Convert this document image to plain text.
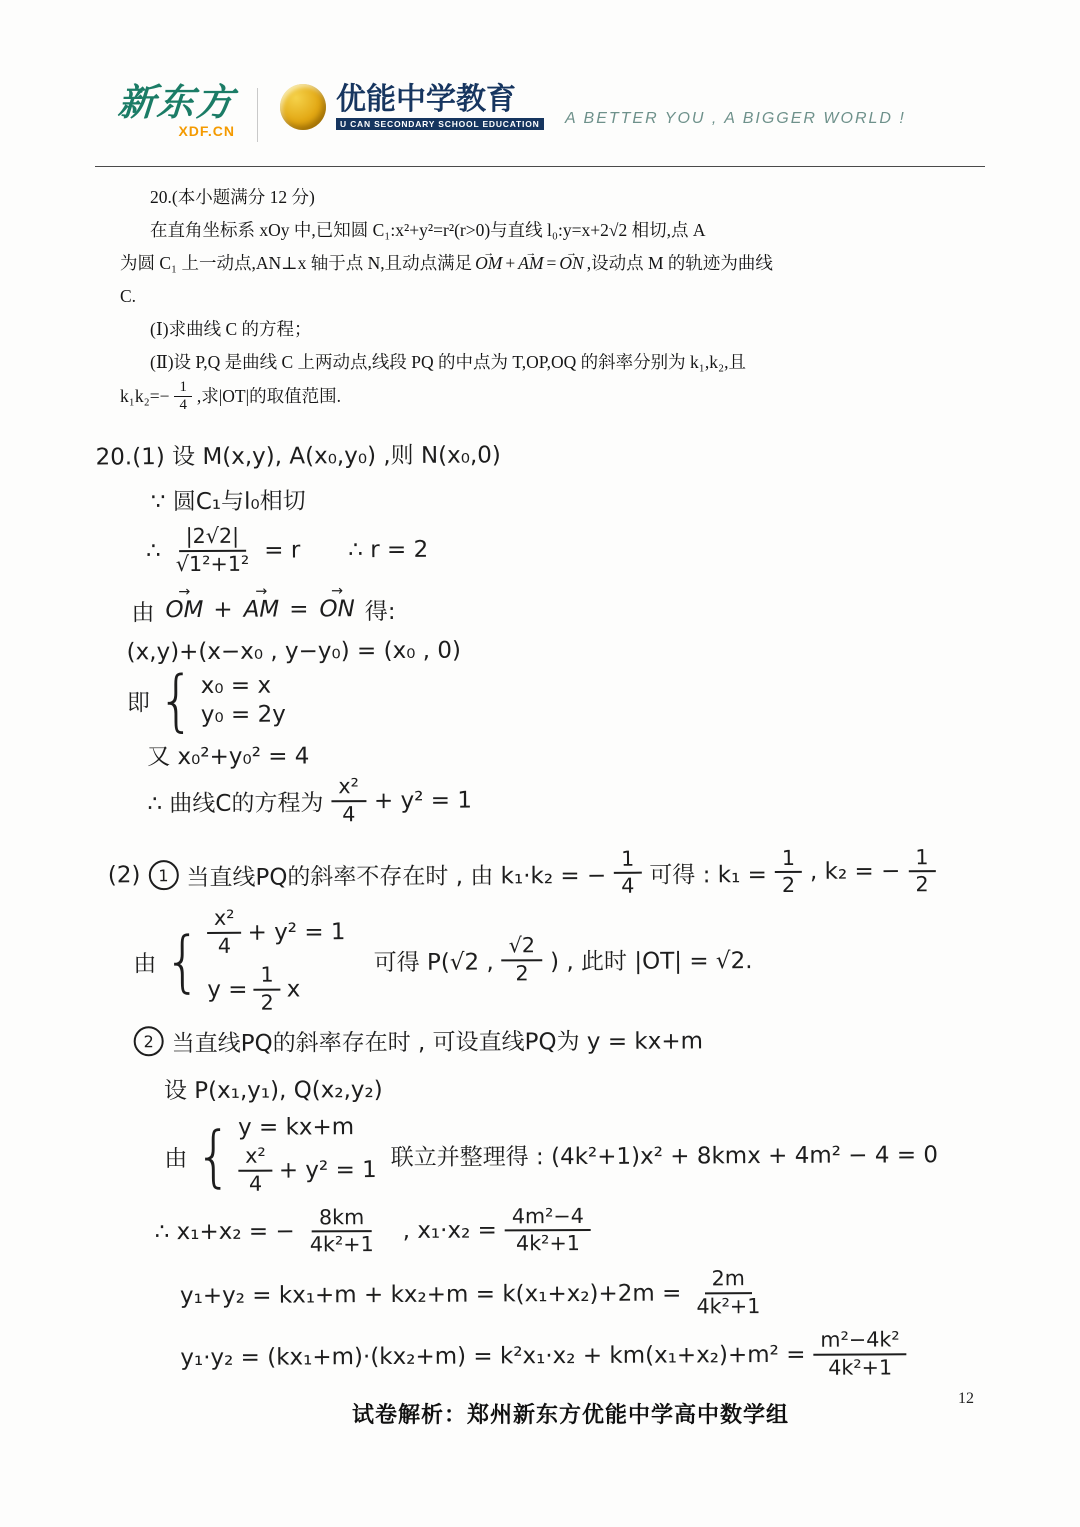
新东方
XDF.CN
优能中学教育
U CAN SECONDARY SCHOOL EDUCATION A BETTER YOU , A BIGGER WORLD !

20.(本小题满分 12 分)

在直角坐标系 xOy 中,已知圆 C₁:x²+y²=r²(r>0)与直线 l₀:y=x+2√2 相切,点 A

为圆 C₁ 上一动点,AN⊥x 轴于点 N,且动点满足 → OM + → AM = → ON ,设动点 M 的轨迹为曲线

C.

(Ⅰ)求曲线 C 的方程；

(Ⅱ)设 P,Q 是曲线 C 上两动点,线段 PQ 的中点为 T,OP,OQ 的斜率分别为 k₁,k₂,且

$k_1k_2=- \frac{1}{4}$ ,求|OT|的取值范围.

20.(1) 设 M(x,y), A(x₀,y₀) ,则 N(x₀,0)
∵ 圆C₁与l₀相切
∴ $\frac{|2√2|}{\text{√1²+1²}} = r$ ∴ r = 2
由 → OM + → AM = → ON 得:
(x,y)+(x−x₀ , y−y₀) = (x₀ , 0)
即 { x₀ = x
y₀ = 2y
又 x₀²+y₀² = 4
∴ 曲线C的方程为 $\frac{\text{x²}}{4} + y^2 = 1$
(2)	1 当直线PQ的斜率不存在时 , 由 k₁·k₂ = − $\frac{1}{4}$ 可得 : $k_1 = \frac{1}{2}$ , k₂ = − $\frac{1}{2}$
由 { $\frac{\text{x²}}{4} + y^2 = 1$
$y = \frac{1}{2}$ x
可得 P(√2 , $\frac{√2}{2}$ ) , 此时 |OT| = √2.
2 当直线PQ的斜率存在时 , 可设直线PQ为 y = kx+m
设 P(x₁,y₁), Q(x₂,y₂)
由 { y = kx+m
$\frac{\text{x²}}{4} + y^2 = 1$ 联立并整理得 : (4k²+1)x² + 8kmx + 4m² − 4 = 0
∴ x₁+x₂ = − $\frac{8km}{\text{4k²+1}}$ , $x_1\cdot x_2 = \frac{\text{4m²−4}}{\text{4k²+1}}$
$y_1+y_2 = kx_1+m + kx_2+m = k(x_1+x_2)+2m = \frac{2m}{\text{4k²+1}}$
$y_1\cdot y_2 = (kx_1+m)\cdot(kx_2+m) = k^2x_1\cdot x_2 + km(x_1+x_2)+m^2 = \frac{\text{m²−4k²}}{\text{4k²+1}}$
试卷解析：郑州新东方优能中学高中数学组
12
